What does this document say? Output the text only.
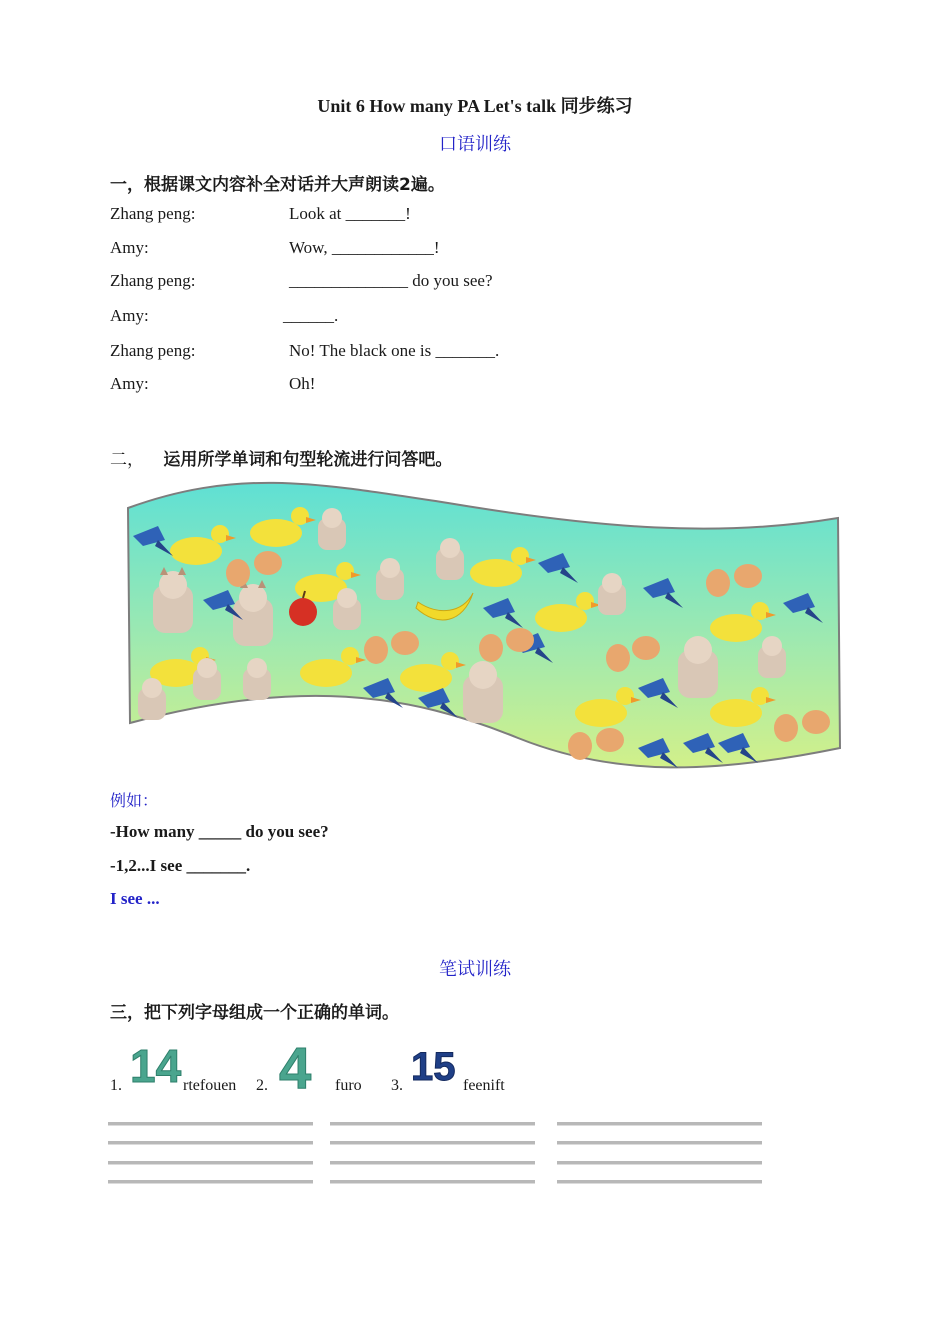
Unit 6 How many PA Let's talk 同步练习
口语训练
一，根据课文内容补全对话并大声朗读2遍。
Zhang peng:	Look at _______!
Amy:	Wow, ____________!
Zhang peng:	______________ do you see?
Amy:	______.
Zhang peng:	No! The black one is _______.
Amy:	Oh!
二， 运用所学单词和句型轮流进行问答吧。
例如：
-How many _____ do you see?
-1,2...I see _______.
I see ...
笔试训练
三，把下列字母组成一个正确的单词。
1. 14 rtefouen 2. 4 furo 3. 15 feenift
